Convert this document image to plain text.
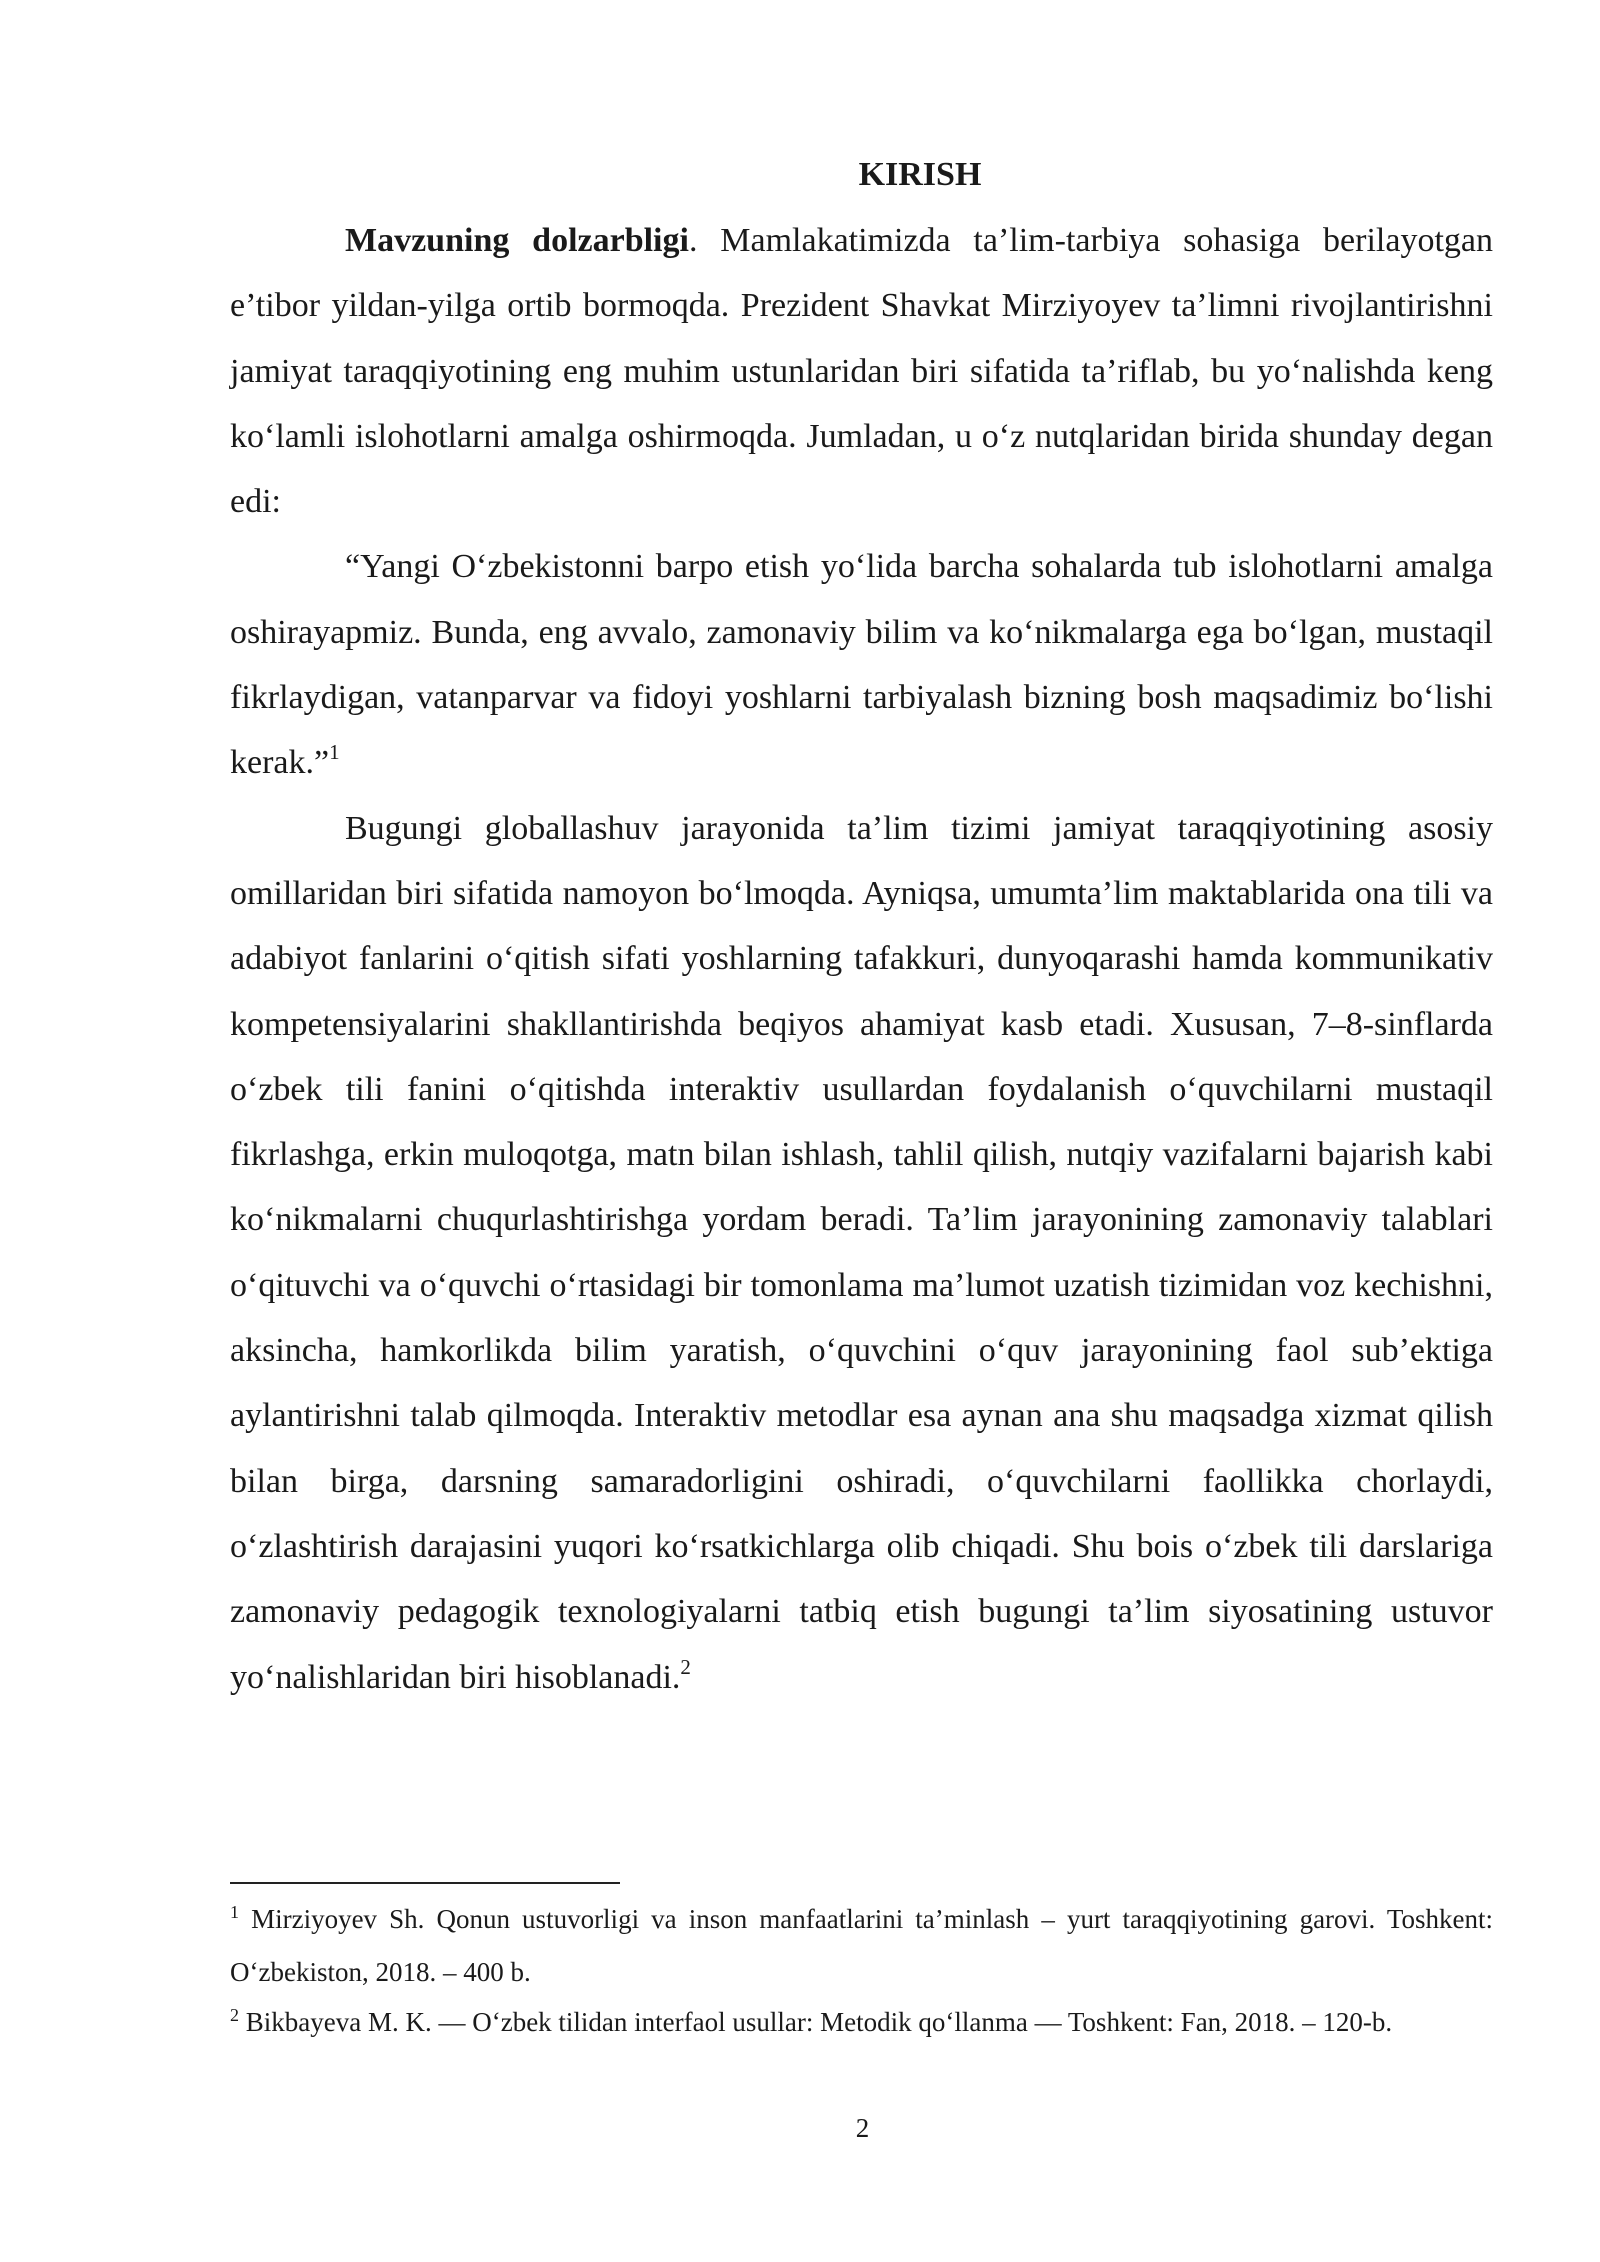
KIRISH

Mavzuning dolzarbligi. Mamlakatimizda ta’lim-tarbiya sohasiga berilayotgan e’tibor yildan-yilga ortib bormoqda. Prezident Shavkat Mirziyoyev ta’limni rivojlantirishni jamiyat taraqqiyotining eng muhim ustunlaridan biri sifatida ta’riflab, bu yo‘nalishda keng ko‘lamli islohotlarni amalga oshirmoqda. Jumladan, u o‘z nutqlaridan birida shunday degan edi:

“Yangi O‘zbekistonni barpo etish yo‘lida barcha sohalarda tub islohotlarni amalga oshirayapmiz. Bunda, eng avvalo, zamonaviy bilim va ko‘nikmalarga ega bo‘lgan, mustaqil fikrlaydigan, vatanparvar va fidoyi yoshlarni tarbiyalash bizning bosh maqsadimiz bo‘lishi kerak.”$^1$

Bugungi globallashuv jarayonida ta’lim tizimi jamiyat taraqqiyotining asosiy omillaridan biri sifatida namoyon bo‘lmoqda. Ayniqsa, umumta’lim maktablarida ona tili va adabiyot fanlarini o‘qitish sifati yoshlarning tafakkuri, dunyoqarashi hamda kommunikativ kompetensiyalarini shakllantirishda beqiyos ahamiyat kasb etadi. Xususan, 7–8-sinflarda o‘zbek tili fanini o‘qitishda interaktiv usullardan foydalanish o‘quvchilarni mustaqil fikrlashga, erkin muloqotga, matn bilan ishlash, tahlil qilish, nutqiy vazifalarni bajarish kabi ko‘nikmalarni chuqurlashtirishga yordam beradi. Ta’lim jarayonining zamonaviy talablari o‘qituvchi va o‘quvchi o‘rtasidagi bir tomonlama ma’lumot uzatish tizimidan voz kechishni, aksincha, hamkorlikda bilim yaratish, o‘quvchini o‘quv jarayonining faol sub’ektiga aylantirishni talab qilmoqda. Interaktiv metodlar esa aynan ana shu maqsadga xizmat qilish bilan birga, darsning samaradorligini oshiradi, o‘quvchilarni faollikka chorlaydi, o‘zlashtirish darajasini yuqori ko‘rsatkichlarga olib chiqadi. Shu bois o‘zbek tili darslariga zamonaviy pedagogik texnologiyalarni tatbiq etish bugungi ta’lim siyosatining ustuvor yo‘nalishlaridan biri hisoblanadi.$^2$

$^1$ Mirziyoyev Sh. Qonun ustuvorligi va inson manfaatlarini ta’minlash – yurt taraqqiyotining garovi. Toshkent: O‘zbekiston, 2018. – 400 b.

$^2$ Bikbayeva M. K. — O‘zbek tilidan interfaol usullar: Metodik qo‘llanma — Toshkent: Fan, 2018. – 120-b.

2
